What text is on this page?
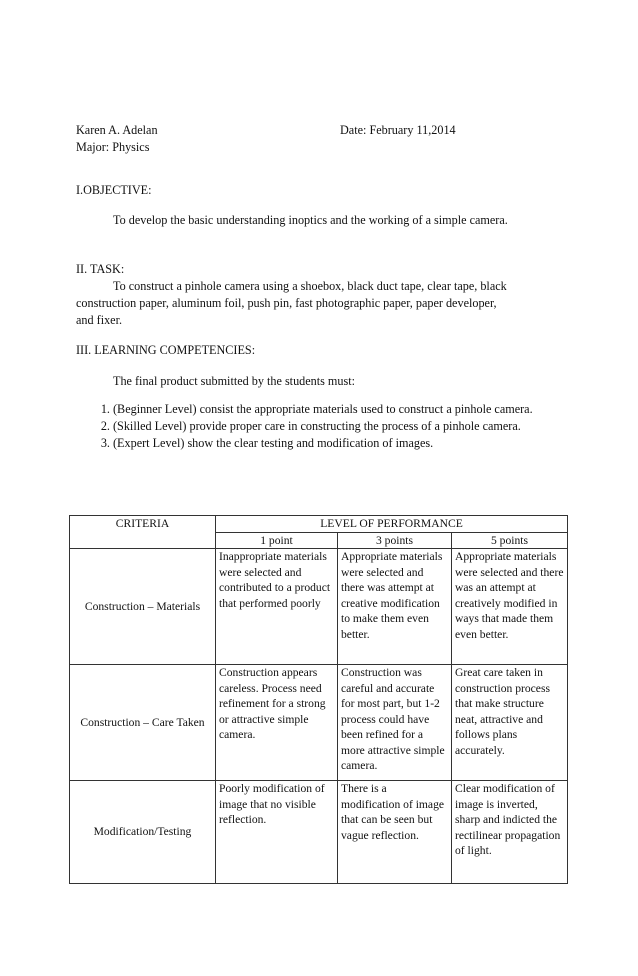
Karen A. Adelan	Date: February 11,2014
Major: Physics
I.OBJECTIVE:
To develop the basic understanding inoptics and the working of a simple camera.
II. TASK:
To construct a pinhole camera using a shoebox, black duct tape, clear tape, black
construction paper, aluminum foil, push pin, fast photographic paper, paper developer,
and fixer.
III. LEARNING COMPETENCIES:
The final product submitted by the students must:
1. (Beginner Level) consist the appropriate materials used to construct a pinhole camera.
2. (Skilled Level) provide proper care in constructing the process of a pinhole camera.
3. (Expert Level) show the clear testing and modification of images.
CRITERIA	LEVEL OF PERFORMANCE		
	1 point	3 points	5 points
Construction – Materials	Inappropriate materials were selected and contributed to a product that performed poorly	Appropriate materials were selected and there was attempt at creative modification to make them even better.	Appropriate materials were selected and there was an attempt at creatively modified in ways that made them even better.
Construction – Care Taken	Construction appears careless. Process need refinement for a strong or attractive simple camera.	Construction was careful and accurate for most part, but 1-2 process could have been refined for a more attractive simple camera.	Great care taken in construction process that make structure neat, attractive and follows plans accurately.
Modification/Testing	Poorly modification of image that no visible reflection.	There is a modification of image that can be seen but vague reflection.	Clear modification of image is inverted, sharp and indicted the rectilinear propagation of light.
